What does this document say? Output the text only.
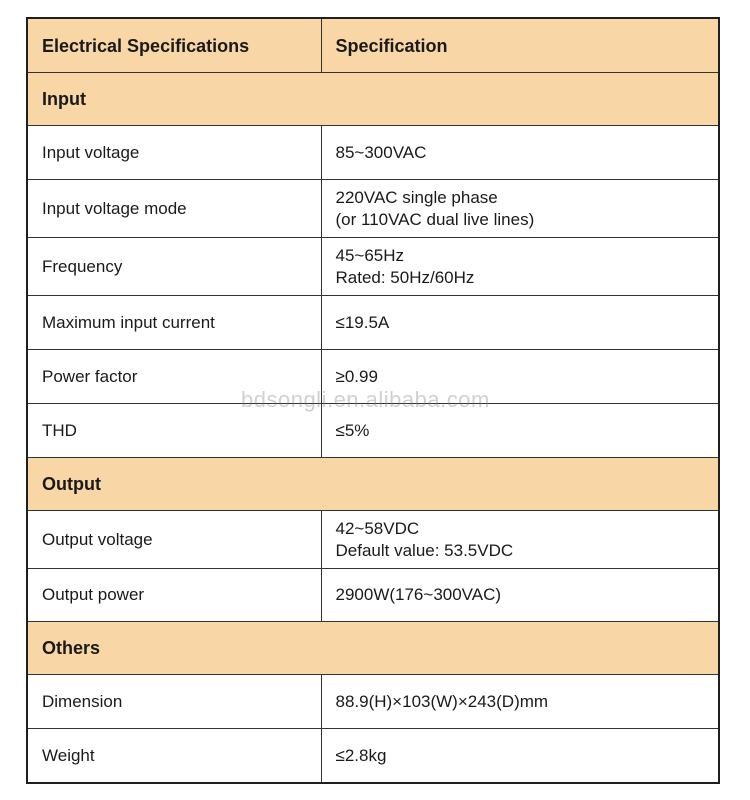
Electrical Specifications	Specification
Input	
Input voltage	85~300VAC

Input voltage mode	220VAC single phase
(or 110VAC dual live lines)

Frequency	45~65Hz
Rated: 50Hz/60Hz

Maximum input current	≤19.5A

Power factor	≥0.99

THD	≤5%

Output	
Output voltage	42~58VDC
Default value: 53.5VDC

Output power	2900W(176~300VAC)

Others	
Dimension	88.9(H)×103(W)×243(D)mm

Weight	≤2.8kg
bdsongli.en.alibaba.com
